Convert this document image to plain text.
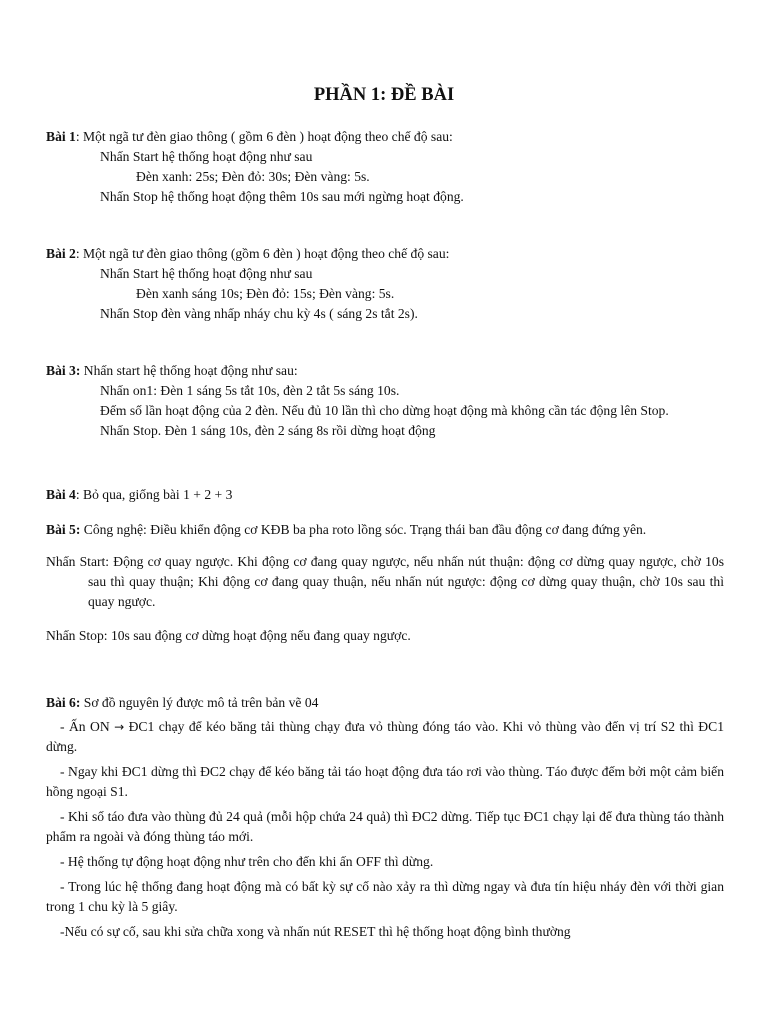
PHẦN 1: ĐỀ BÀI
Bài 1: Một ngã tư đèn giao thông ( gồm 6 đèn ) hoạt động theo chế độ sau:
Nhấn Start hệ thống hoạt động như sau
Đèn xanh: 25s; Đèn đỏ: 30s; Đèn vàng: 5s.
Nhấn Stop hệ thống hoạt động thêm 10s sau mới ngừng hoạt động.
Bài 2: Một ngã tư đèn giao thông (gồm 6 đèn ) hoạt động theo chế độ sau:
Nhấn Start hệ thống hoạt động như sau
Đèn xanh sáng 10s; Đèn đỏ: 15s; Đèn vàng: 5s.
Nhấn Stop đèn vàng nhấp nháy chu kỳ 4s ( sáng 2s tắt 2s).
Bài 3: Nhấn start hệ thống hoạt động như sau:
Nhấn on1: Đèn 1 sáng 5s tắt 10s, đèn 2 tắt 5s sáng 10s.
Đếm số lần hoạt động của 2 đèn. Nếu đủ 10 lần thì cho dừng hoạt động mà không cần tác động lên Stop.
Nhấn Stop. Đèn 1 sáng 10s, đèn 2 sáng 8s rồi dừng hoạt động
Bài 4: Bỏ qua, giống bài 1 + 2 + 3
Bài 5: Công nghệ: Điều khiển động cơ KĐB ba pha roto lồng sóc. Trạng thái ban đầu động cơ đang đứng yên.
Nhấn Start: Động cơ quay ngược. Khi động cơ đang quay ngược, nếu nhấn nút thuận: động cơ dừng quay ngược, chờ 10s sau thì quay thuận; Khi động cơ đang quay thuận, nếu nhấn nút ngược: động cơ dừng quay thuận, chờ 10s sau thì quay ngược.
Nhấn Stop: 10s sau động cơ dừng hoạt động nếu đang quay ngược.
Bài 6: Sơ đồ nguyên lý được mô tả trên bản vẽ 04
- Ấn ON → ĐC1 chạy để kéo băng tải thùng chạy đưa vỏ thùng đóng táo vào. Khi vỏ thùng vào đến vị trí S2 thì ĐC1 dừng.
- Ngay khi ĐC1 dừng thì ĐC2 chạy để kéo băng tải táo hoạt động đưa táo rơi vào thùng. Táo được đếm bởi một cảm biến hồng ngoại S1.
- Khi số táo đưa vào thùng đủ 24 quả (mỗi hộp chứa 24 quả) thì ĐC2 dừng. Tiếp tục ĐC1 chạy lại để đưa thùng táo thành phẩm ra ngoài và đóng thùng táo mới.
- Hệ thống tự động hoạt động như trên cho đến khi ấn OFF thì dừng.
- Trong lúc hệ thống đang hoạt động mà có bất kỳ sự cố nào xảy ra thì dừng ngay và đưa tín hiệu nháy đèn với thời gian trong 1 chu kỳ là 5 giây.
-Nếu có sự cố, sau khi sửa chữa xong và nhấn nút RESET thì hệ thống hoạt động bình thường
